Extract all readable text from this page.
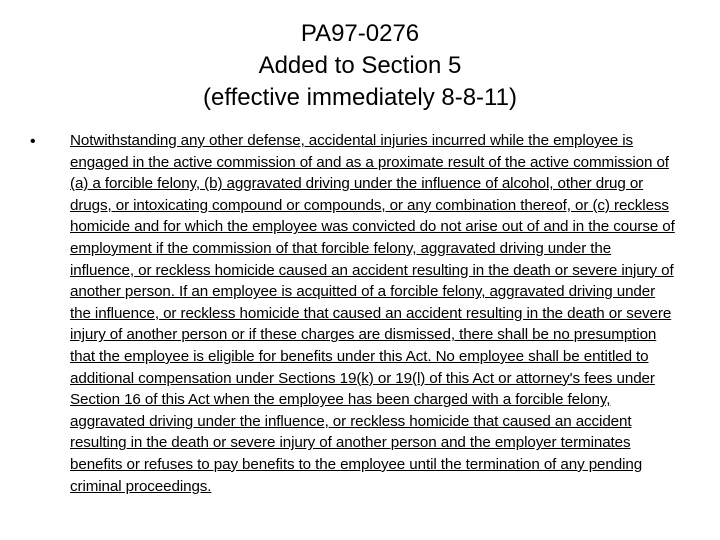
PA97-0276
Added to Section 5
(effective immediately 8-8-11)
• Notwithstanding any other defense, accidental injuries incurred while the employee is engaged in the active commission of and as a proximate result of the active commission of (a) a forcible felony, (b) aggravated driving under the influence of alcohol, other drug or drugs, or intoxicating compound or compounds, or any combination thereof, or (c) reckless homicide and for which the employee was convicted do not arise out of and in the course of employment if the commission of that forcible felony, aggravated driving under the influence, or reckless homicide caused an accident resulting in the death or severe injury of another person. If an employee is acquitted of a forcible felony, aggravated driving under the influence, or reckless homicide that caused an accident resulting in the death or severe injury of another person or if these charges are dismissed, there shall be no presumption that the employee is eligible for benefits under this Act. No employee shall be entitled to additional compensation under Sections 19(k) or 19(l) of this Act or attorney's fees under Section 16 of this Act when the employee has been charged with a forcible felony, aggravated driving under the influence, or reckless homicide that caused an accident resulting in the death or severe injury of another person and the employer terminates benefits or refuses to pay benefits to the employee until the termination of any pending criminal proceedings.
